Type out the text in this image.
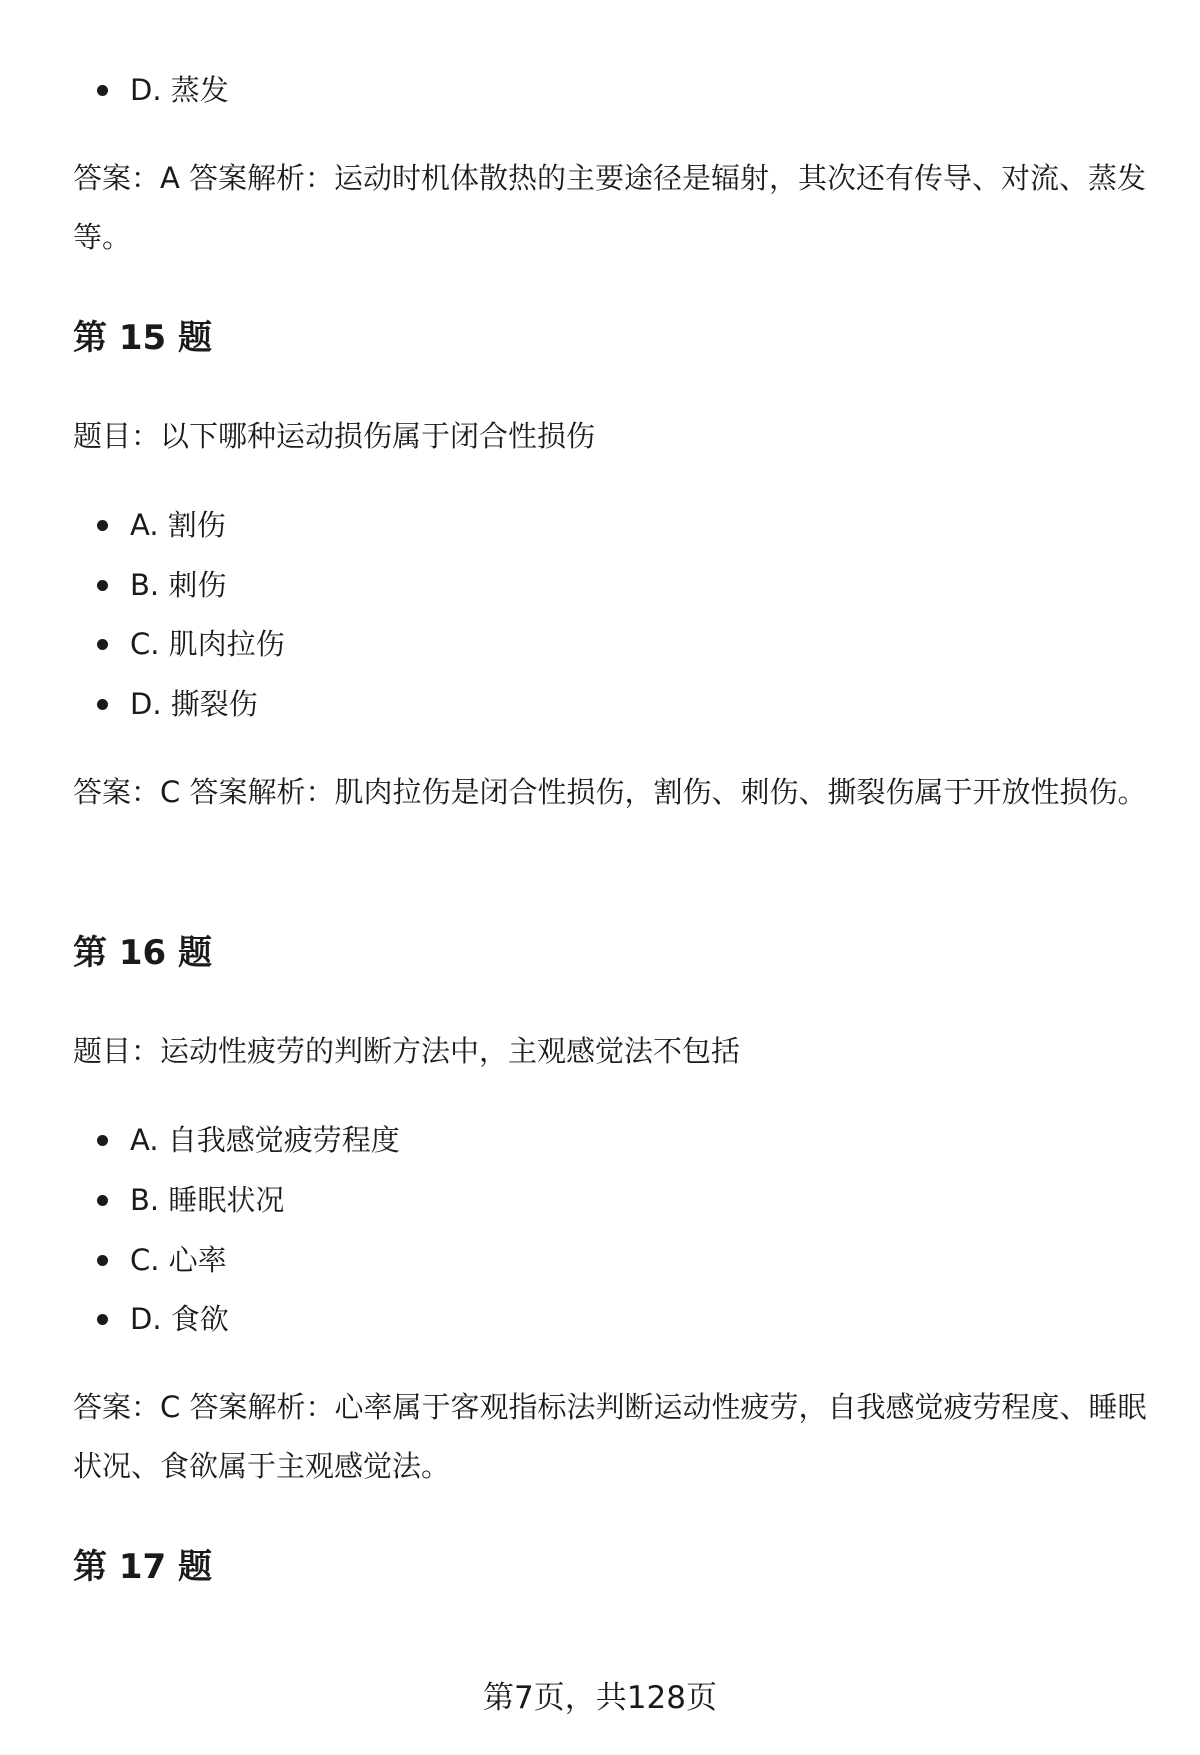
D. 蒸发

答案：A 答案解析：运动时机体散热的主要途径是辐射，其次还有传导、对流、蒸发等。

第 15 题

题目：以下哪种运动损伤属于闭合性损伤

A. 割伤
B. 刺伤
C. 肌肉拉伤
D. 撕裂伤

答案：C 答案解析：肌肉拉伤是闭合性损伤，割伤、刺伤、撕裂伤属于开放性损伤。

第 16 题

题目：运动性疲劳的判断方法中，主观感觉法不包括

A. 自我感觉疲劳程度
B. 睡眠状况
C. 心率
D. 食欲

答案：C 答案解析：心率属于客观指标法判断运动性疲劳，自我感觉疲劳程度、睡眠状况、食欲属于主观感觉法。

第 17 题
第7页，共128页
